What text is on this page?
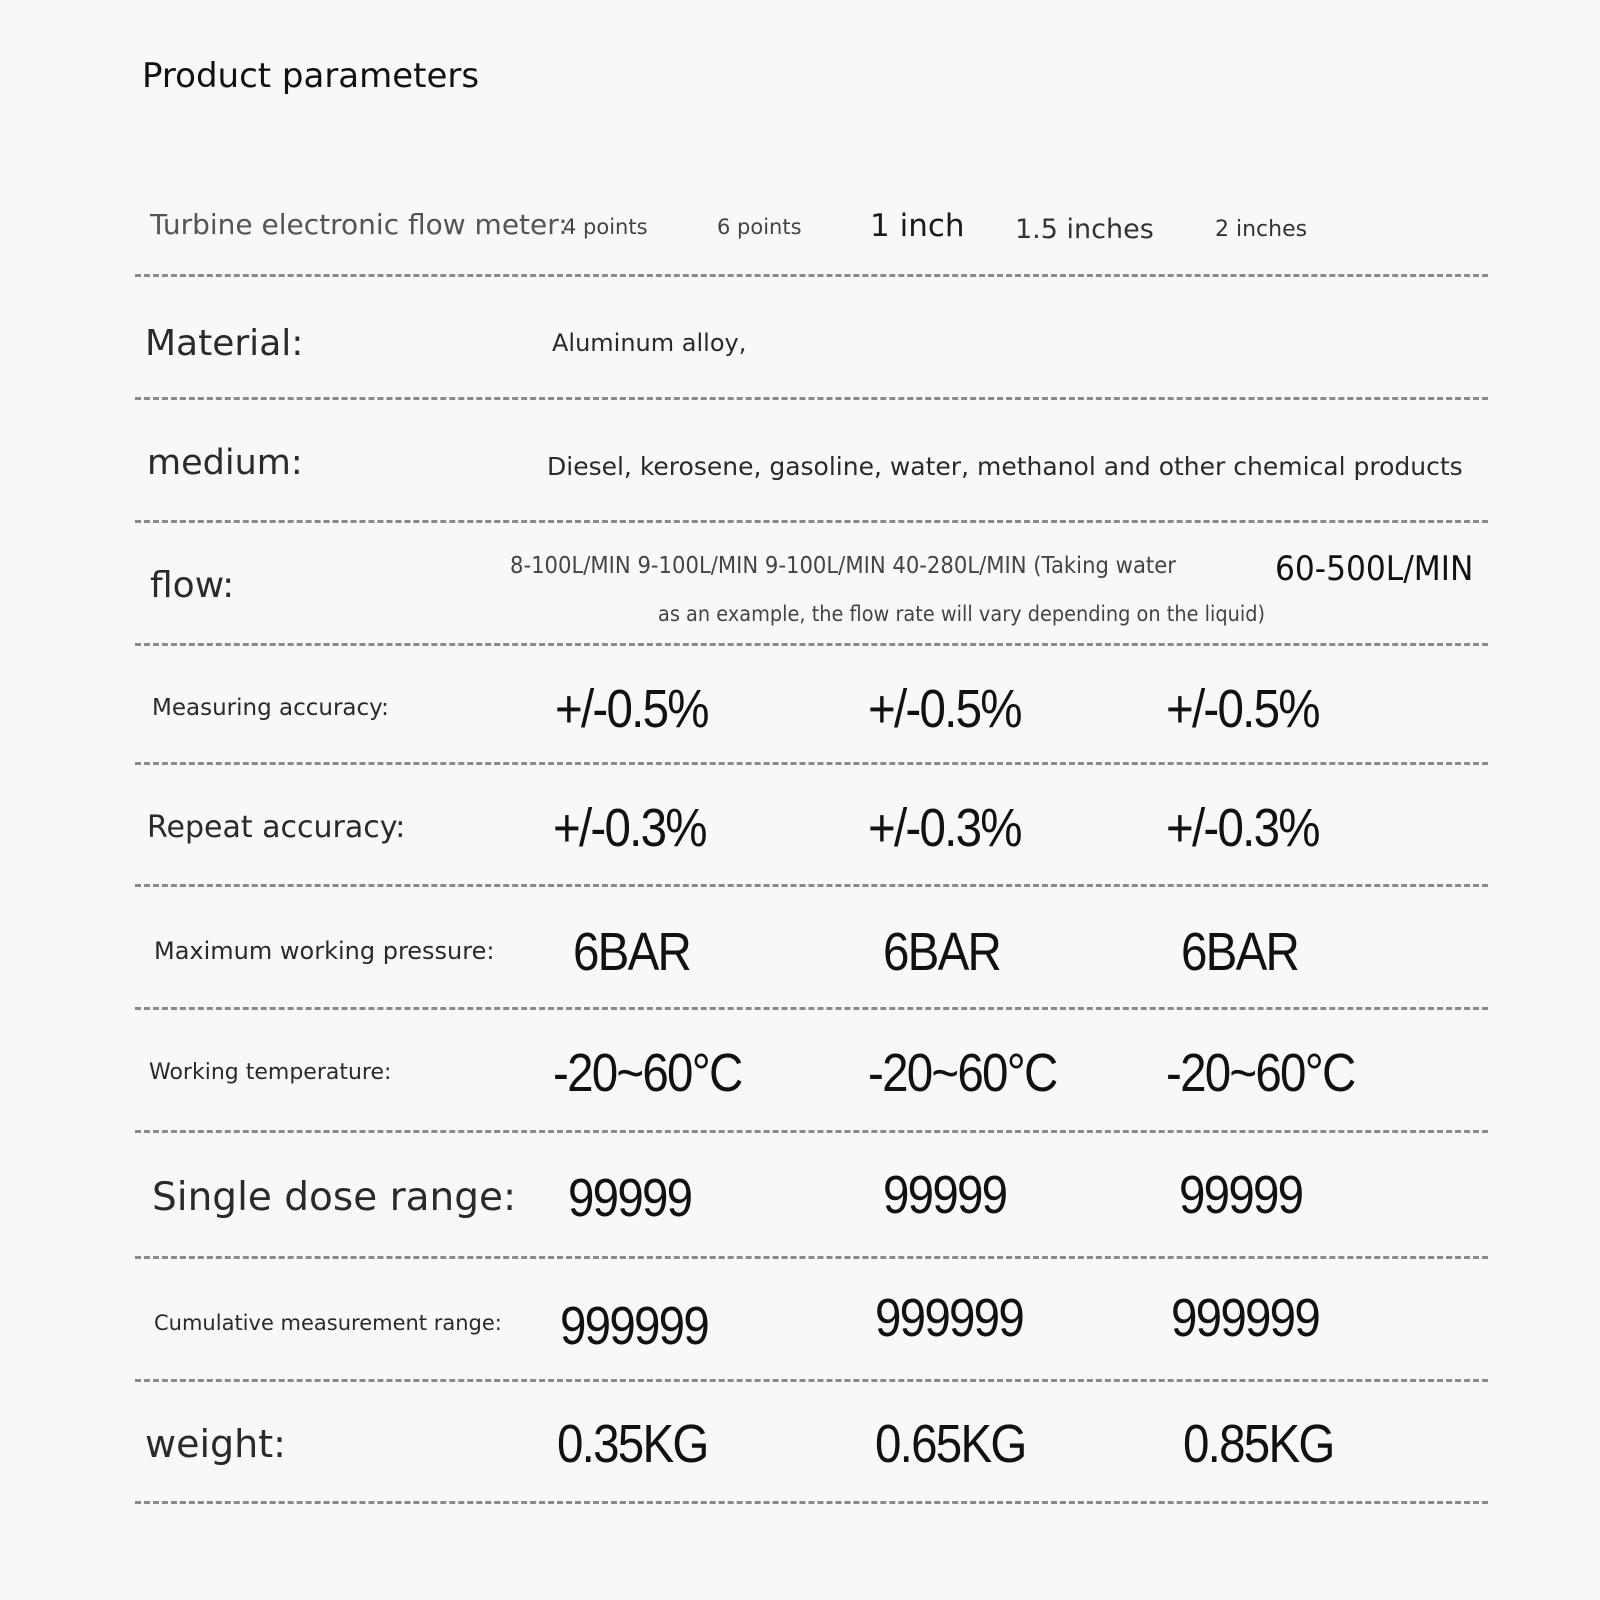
Product parameters
Turbine electronic flow meter:
4 points	6 points 1 inch 1.5 inches	2 inches
Material:	Aluminum alloy,
medium:	Diesel, kerosene, gasoline, water, methanol and other chemical products
flow:	8-100L/MIN 9-100L/MIN 9-100L/MIN 40-280L/MIN (Taking water	60-500L/MIN
as an example, the flow rate will vary depending on the liquid)
Measuring accuracy:	+/-0.5%	+/-0.5%	+/-0.5%
Repeat accuracy:	+/-0.3%	+/-0.3%	+/-0.3%
Maximum working pressure: 6BAR	6BAR	6BAR
Working temperature:	-20~60°C -20~60°C -20~60°C
Single dose range: 99999	99999	99999
Cumulative measurement range: 999999	999999	999999
weight:	0.35KG	0.65KG	0.85KG
